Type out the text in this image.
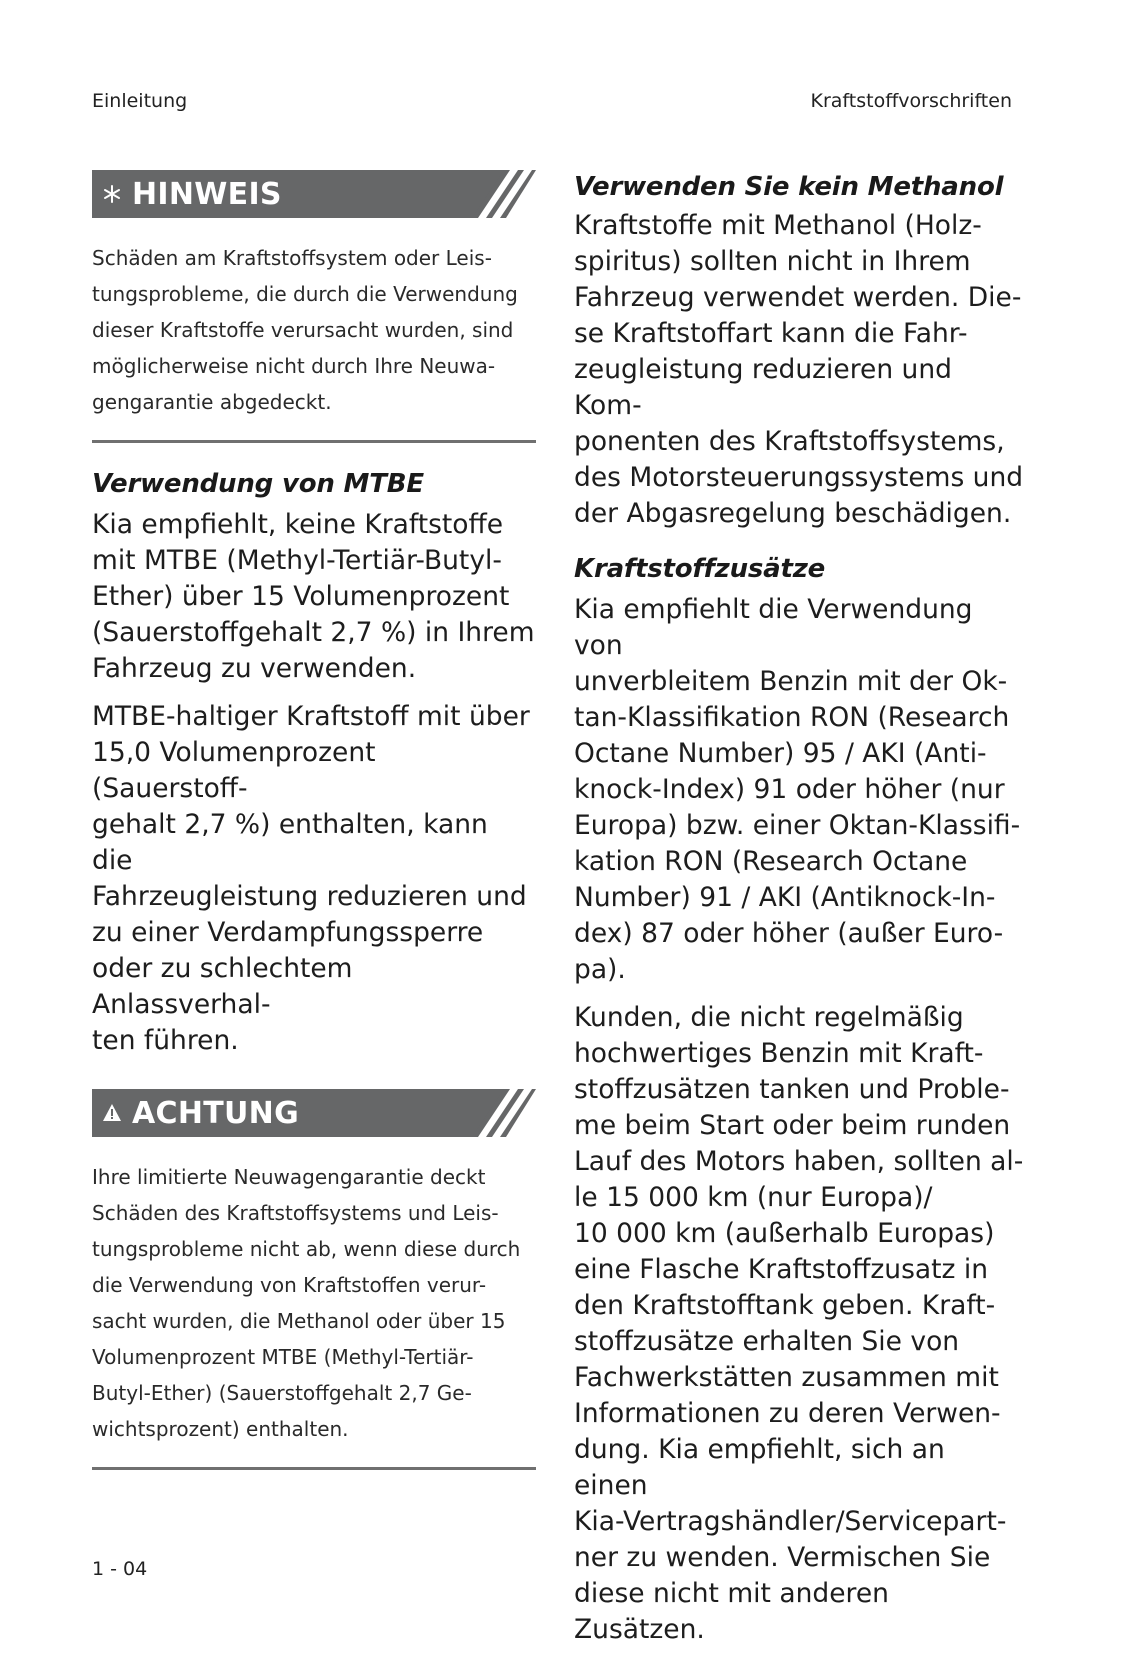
Einleitung	Kraftstoffvorschriften
HINWEIS
Schäden am Kraftstoffsystem oder Leis-
tungsprobleme, die durch die Verwendung
dieser Kraftstoffe verursacht wurden, sind
möglicherweise nicht durch Ihre Neuwa-
gengarantie abgedeckt.
Verwendung von MTBE
Kia empfiehlt, keine Kraftstoffe
mit MTBE (Methyl-Tertiär-Butyl-
Ether) über 15 Volumenprozent
(Sauerstoffgehalt 2,7 %) in Ihrem
Fahrzeug zu verwenden.
MTBE-haltiger Kraftstoff mit über
15,0 Volumenprozent (Sauerstoff-
gehalt 2,7 %) enthalten, kann die
Fahrzeugleistung reduzieren und
zu einer Verdampfungssperre
oder zu schlechtem Anlassverhal-
ten führen.
ACHTUNG
Ihre limitierte Neuwagengarantie deckt
Schäden des Kraftstoffsystems und Leis-
tungsprobleme nicht ab, wenn diese durch
die Verwendung von Kraftstoffen verur-
sacht wurden, die Methanol oder über 15
Volumenprozent MTBE (Methyl-Tertiär-
Butyl-Ether) (Sauerstoffgehalt 2,7 Ge-
wichtsprozent) enthalten.
Verwenden Sie kein Methanol
Kraftstoffe mit Methanol (Holz-
spiritus) sollten nicht in Ihrem
Fahrzeug verwendet werden. Die-
se Kraftstoffart kann die Fahr-
zeugleistung reduzieren und Kom-
ponenten des Kraftstoffsystems,
des Motorsteuerungssystems und
der Abgasregelung beschädigen.
Kraftstoffzusätze
Kia empfiehlt die Verwendung von
unverbleitem Benzin mit der Ok-
tan-Klassifikation RON (Research
Octane Number) 95 / AKI (Anti-
knock-Index) 91 oder höher (nur
Europa) bzw. einer Oktan-Klassifi-
kation RON (Research Octane
Number) 91 / AKI (Antiknock-In-
dex) 87 oder höher (außer Euro-
pa).
Kunden, die nicht regelmäßig
hochwertiges Benzin mit Kraft-
stoffzusätzen tanken und Proble-
me beim Start oder beim runden
Lauf des Motors haben, sollten al-
le 15 000 km (nur Europa)/
10 000 km (außerhalb Europas)
eine Flasche Kraftstoffzusatz in
den Kraftstofftank geben. Kraft-
stoffzusätze erhalten Sie von
Fachwerkstätten zusammen mit
Informationen zu deren Verwen-
dung. Kia empfiehlt, sich an einen
Kia-Vertragshändler/Servicepart-
ner zu wenden. Vermischen Sie
diese nicht mit anderen Zusätzen.
1 - 04
